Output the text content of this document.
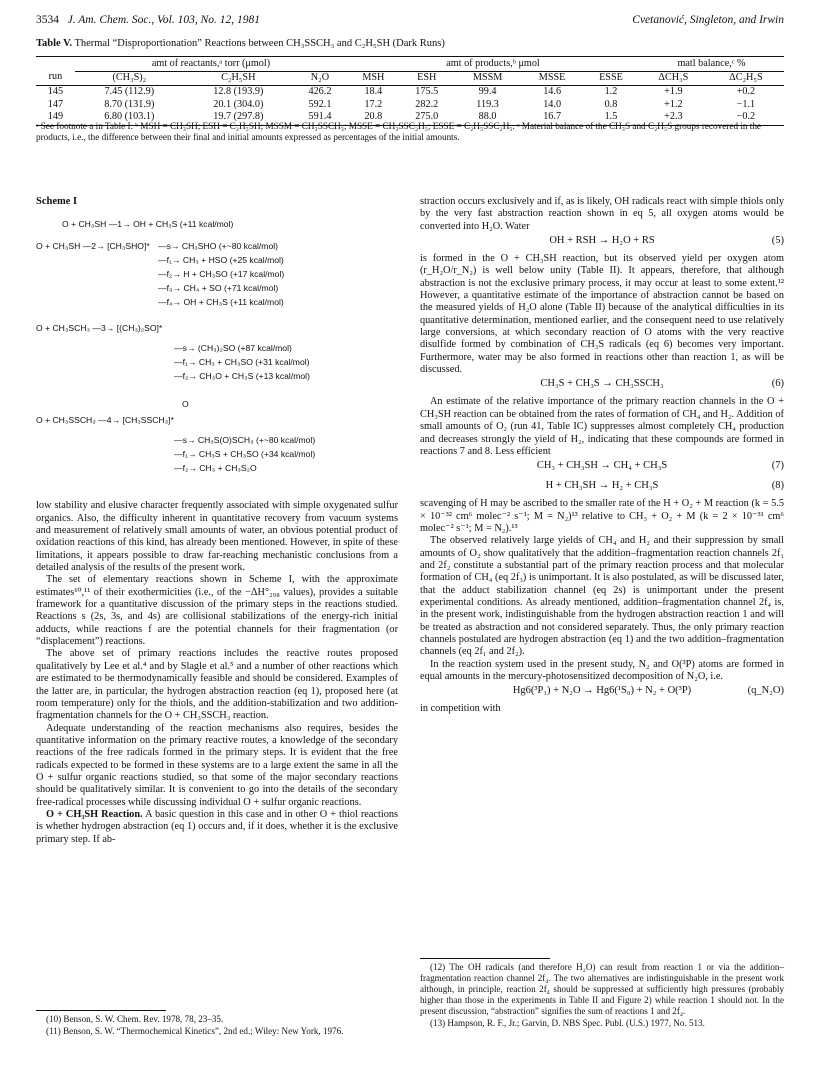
3534 J. Am. Chem. Soc., Vol. 103, No. 12, 1981	Cvetanović, Singleton, and Irwin
Table V. Thermal “Disproportionation” Reactions between CH₃SSCH₃ and C₂H₅SH (Dark Runs)
	amt of reactants,ᵃ torr (μmol)			amt of products,ᵇ μmol					matl balance,ᶜ %	
run	(CH₃S)₂	C₂H₅SH	N₂O	MSH	ESH	MSSM	MSSE	ESSE	ΔCH₃S	ΔC₂H₅S
145	7.45 (112.9)	12.8 (193.9)	426.2	18.4	175.5	99.4	14.6	1.2	+1.9	+0.2
147	8.70 (131.9)	20.1 (304.0)	592.1	17.2	282.2	119.3	14.0	0.8	+1.2	−1.1
149	6.80 (103.1)	19.7 (297.8)	591.4	20.8	275.0	88.0	16.7	1.5	+2.3	−0.2
ᵃ See footnote a in Table I. ᵇ MSH = CH₃SH; ESH = C₂H₅SH; MSSM = CH₃SSCH₃; MSSE = CH₃SSC₂H₅; ESSE = C₂H₅SSC₂H₅. ᶜ Material balance of the CH₃S and C₂H₅S groups recovered in the products, i.e., the difference between their final and initial amounts expressed as percentages of the initial amounts.
Scheme I
O + CH₃SH —1→ OH + CH₃S (+11 kcal/mol)
O + CH₃SH —2→ [CH₃SHO]* —s→ CH₃SHO (+~80 kcal/mol)
—f₁→ CH₃ + HSO (+25 kcal/mol)
—f₂→ H + CH₃SO (+17 kcal/mol)
—f₃→ CH₄ + SO (+71 kcal/mol)
—f₄→ OH + CH₃S (+11 kcal/mol)
O + CH₃SCH₃ —3→ [(CH₃)₂SO]*
—s→ (CH₃)₂SO (+87 kcal/mol)
—f₁→ CH₃ + CH₃SO (+31 kcal/mol)
—f₂→ CH₃O + CH₃S (+13 kcal/mol)
O
O + CH₃SSCH₃ —4→ [CH₃SSCH₃]*
—s→ CH₃S(O)SCH₃ (+~80 kcal/mol)
—f₁→ CH₃S + CH₃SO (+34 kcal/mol)
—f₂→ CH₃ + CH₃S₂O

low stability and elusive character frequently associated with simple oxygenated sulfur organics. Also, the difficulty inherent in quantitative recovery from vacuum systems and measurement of relatively small amounts of water, an obvious potential product of oxidation reactions of this kind, has already been mentioned. However, in spite of these limitations, it appears possible to draw far-reaching mechanistic conclusions from a detailed analysis of the results of the present work.

The set of elementary reactions shown in Scheme I, with the approximate estimates¹⁰,¹¹ of their exothermicities (i.e., of the −ΔH°₂₉₈ values), provides a suitable framework for a quantitative discussion of the primary steps in the reactions studied. Reactions s (2s, 3s, and 4s) are collisional stabilizations of the energy-rich initial adducts, while reactions f are the potential channels for their fragmentation (or “displacement”) reactions.

The above set of primary reactions includes the reactive routes proposed qualitatively by Lee et al.⁴ and by Slagle et al.⁵ and a number of other reactions which are estimated to be thermodynamically feasible and should be considered. Examples of the latter are, in particular, the hydrogen abstraction reaction (eq 1), proposed here (at room temperature) only for the thiols, and the addition-stabilization and two addition-fragmentation channels for the O + CH₃SSCH₃ reaction.

Adequate understanding of the reaction mechanisms also requires, besides the quantitative information on the primary reactive routes, a knowledge of the secondary reactions of the free radicals formed in the primary steps. It is evident that the free radicals expected to be formed in these systems are to a large extent the same in all the O + sulfur organic reactions studied, so that some of the major secondary reactions should be qualitatively similar. It is convenient to go into the details of the secondary free-radical processes while discussing individual O + sulfur organic reactions.

O + CH₃SH Reaction. A basic question in this case and in other O + thiol reactions is whether hydrogen abstraction (eq 1) occurs and, if it does, whether it is the exclusive primary step. If ab-

(10) Benson, S. W. Chem. Rev. 1978, 78, 23–35.

(11) Benson, S. W. “Thermochemical Kinetics”, 2nd ed.; Wiley: New York, 1976.

straction occurs exclusively and if, as is likely, OH radicals react with simple thiols only by the very fast abstraction reaction shown in eq 5, all oxygen atoms would be converted into H₂O. Water

OH + RSH → H₂O + RS	(5)

is formed in the O + CH₃SH reaction, but its observed yield per oxygen atom (r_H₂O/r_N₂) is well below unity (Table II). It appears, therefore, that although abstraction is not the exclusive primary process, it may occur at least to some extent.¹² However, a quantitative estimate of the importance of abstraction cannot be based on the measured yields of H₂O alone (Table II) because of the analytical difficulties in its quantitative determination, mentioned earlier, and the consequent need to use relatively large conversions, at which secondary reaction of O atoms with the very reactive disulfide formed by combination of CH₃S radicals (eq 6) becomes very important. Furthermore, water may be also formed in reactions other than reaction 1, as will be discussed.

CH₃S + CH₃S → CH₃SSCH₃	(6)

An estimate of the relative importance of the primary reaction channels in the O + CH₃SH reaction can be obtained from the rates of formation of CH₄ and H₂. Addition of small amounts of O₂ (run 41, Table IC) suppresses almost completely CH₄ production and decreases strongly the yield of H₂, indicating that these compounds are formed in reactions 7 and 8. Less efficient

CH₃ + CH₃SH → CH₄ + CH₃S	(7)
H + CH₃SH → H₂ + CH₃S	(8)

scavenging of H may be ascribed to the smaller rate of the H + O₂ + M reaction (k = 5.5 × 10⁻³² cm⁶ molec⁻² s⁻¹; M = N₂)¹³ relative to CH₃ + O₂ + M (k = 2 × 10⁻³¹ cm⁶ molec⁻² s⁻¹; M = N₂).¹³

The observed relatively large yields of CH₄ and H₂ and their suppression by small amounts of O₂ show qualitatively that the addition–fragmentation reaction channels 2f₁ and 2f₂ constitute a substantial part of the primary reaction process and that molecular formation of CH₄ (eq 2f₃) is unimportant. It is also postulated, as will be discussed later, that the adduct stabilization channel (eq 2s) is unimportant under the present experimental conditions. As already mentioned, addition–fragmentation channel 2f₄ is, in the present work, indistinguishable from the hydrogen abstraction reaction 1 and will be treated as abstraction and not considered separately. Thus, the only primary reaction channels postulated are hydrogen abstraction (eq 1) and the two addition–fragmentation channels (eq 2f₁ and 2f₂).

In the reaction system used in the present study, N₂ and O(³P) atoms are formed in equal amounts in the mercury-photosensitized decomposition of N₂O, i.e.

Hg6(³P₁) + N₂O → Hg6(¹S₀) + N₂ + O(³P)	(q_N₂O)

in competition with

(12) The OH radicals (and therefore H₂O) can result from reaction 1 or via the addition–fragmentation reaction channel 2f₄. The two alternatives are indistinguishable in the present work although, in principle, reaction 2f₄ should be suppressed at sufficiently high pressures (probably higher than those in the experiments in Table II and Figure 2) while reaction 1 should not. In the present discussion, “abstraction” signifies the sum of reactions 1 and 2f₄.

(13) Hampson, R. F., Jr.; Garvin, D. NBS Spec. Publ. (U.S.) 1977, No. 513.
